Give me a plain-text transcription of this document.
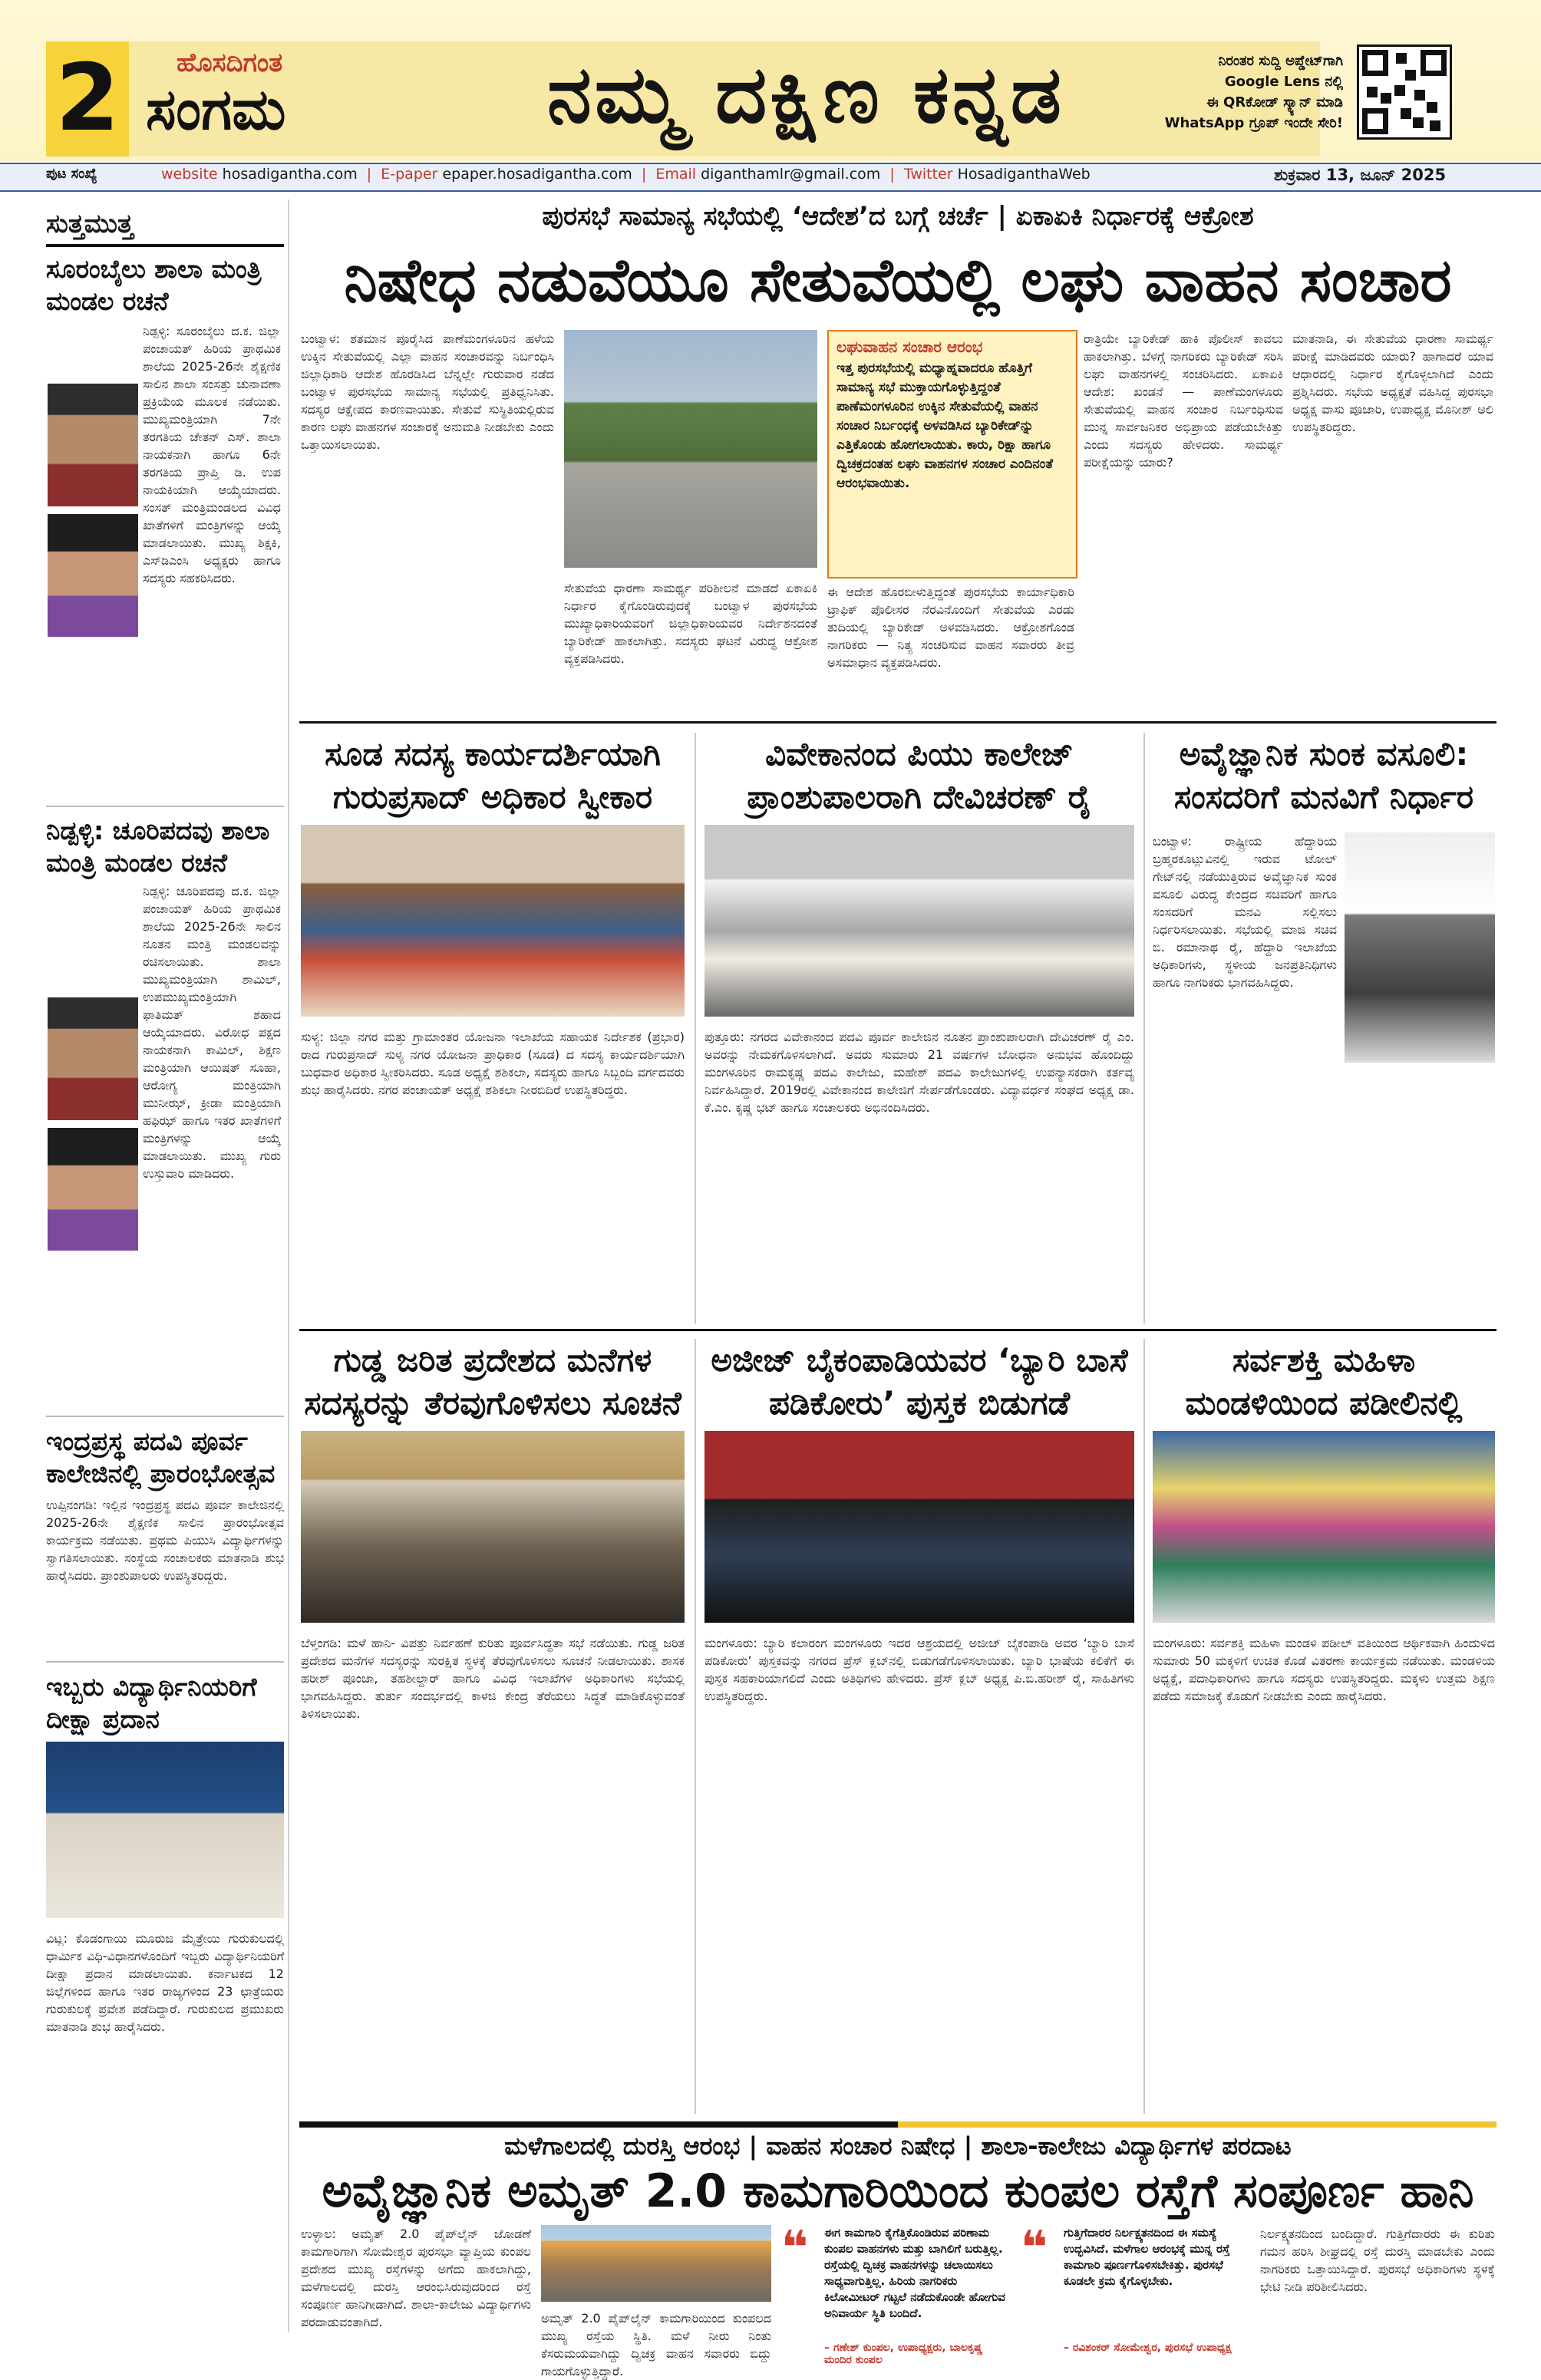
2	ಹೊಸದಿಗಂತ
ಸಂಗಮ	ನಮ್ಮ ದಕ್ಷಿಣ ಕನ್ನಡ	ನಿರಂತರ ಸುದ್ದಿ ಅಪ್ಡೇಟ್‌ಗಾಗಿ
Google Lens ನಲ್ಲಿ
ಈ QRಕೋಡ್ ಸ್ಕ್ಯಾನ್ ಮಾಡಿ
WhatsApp ಗ್ರೂಪ್ ಇಂದೇ ಸೇರಿ!
ಪುಟ ಸಂಖ್ಯೆ	website hosadigantha.com  |  E-paper epaper.hosadigantha.com  |  Email diganthamlr@gmail.com  |  Twitter HosadiganthaWeb	ಶುಕ್ರವಾರ 13, ಜೂನ್ 2025
ಸುತ್ತಮುತ್ತ
ಸೂರಂಬೈಲು ಶಾಲಾ ಮಂತ್ರಿ ಮಂಡಲ ರಚನೆ
ನಿಡ್ಪಳ್ಳಿ: ಸೂರಂಬೈಲು ದ.ಕ. ಜಿಲ್ಲಾ ಪಂಚಾಯತ್ ಹಿರಿಯ ಪ್ರಾಥಮಿಕ ಶಾಲೆಯ 2025-26ನೇ ಶೈಕ್ಷಣಿಕ ಸಾಲಿನ ಶಾಲಾ ಸಂಸತ್ತು ಚುನಾವಣಾ ಪ್ರಕ್ರಿಯೆಯ ಮೂಲಕ ನಡೆಯಿತು. ಮುಖ್ಯಮಂತ್ರಿಯಾಗಿ 7ನೇ ತರಗತಿಯ ಚೇತನ್ ಎಸ್. ಶಾಲಾ ನಾಯಕನಾಗಿ ಹಾಗೂ 6ನೇ ತರಗತಿಯ ಪ್ರಾಪ್ತಿ ಡಿ. ಉಪ ನಾಯಕಿಯಾಗಿ ಆಯ್ಕೆಯಾದರು. ಸಂಸತ್ ಮಂತ್ರಿಮಂಡಲದ ವಿವಿಧ ಖಾತೆಗಳಿಗೆ ಮಂತ್ರಿಗಳನ್ನು ಆಯ್ಕೆ ಮಾಡಲಾಯಿತು. ಮುಖ್ಯ ಶಿಕ್ಷಕಿ, ಎಸ್‌ಡಿಎಂಸಿ ಅಧ್ಯಕ್ಷರು ಹಾಗೂ ಸದಸ್ಯರು ಸಹಕರಿಸಿದರು.
ನಿಡ್ಪಳ್ಳಿ: ಚೂರಿಪದವು ಶಾಲಾ ಮಂತ್ರಿ ಮಂಡಲ ರಚನೆ
ನಿಡ್ಪಳ್ಳಿ: ಚೂರಿಪದವು ದ.ಕ. ಜಿಲ್ಲಾ ಪಂಚಾಯತ್ ಹಿರಿಯ ಪ್ರಾಥಮಿಕ ಶಾಲೆಯ 2025-26ನೇ ಸಾಲಿನ ನೂತನ ಮಂತ್ರಿ ಮಂಡಲವನ್ನು ರಚಿಸಲಾಯಿತು. ಶಾಲಾ ಮುಖ್ಯಮಂತ್ರಿಯಾಗಿ ಶಾಮಿಲ್, ಉಪಮುಖ್ಯಮಂತ್ರಿಯಾಗಿ ಫಾತಿಮತ್ ಶಹಾದ ಆಯ್ಕೆಯಾದರು. ವಿರೋಧ ಪಕ್ಷದ ನಾಯಕನಾಗಿ ಕಾಮಿಲ್, ಶಿಕ್ಷಣ ಮಂತ್ರಿಯಾಗಿ ಆಯಿಷತ್ ಸೂಹಾ, ಆರೋಗ್ಯ ಮಂತ್ರಿಯಾಗಿ ಮುನೀಝ್, ಕ್ರೀಡಾ ಮಂತ್ರಿಯಾಗಿ ಹಫಿಝ್ ಹಾಗೂ ಇತರ ಖಾತೆಗಳಿಗೆ ಮಂತ್ರಿಗಳನ್ನು ಆಯ್ಕೆ ಮಾಡಲಾಯಿತು. ಮುಖ್ಯ ಗುರು ಉಸ್ತುವಾರಿ ಮಾಡಿದರು.
ಇಂದ್ರಪ್ರಸ್ಥ ಪದವಿ ಪೂರ್ವ ಕಾಲೇಜಿನಲ್ಲಿ ಪ್ರಾರಂಭೋತ್ಸವ
ಉಪ್ಪಿನಂಗಡಿ: ಇಲ್ಲಿನ ಇಂದ್ರಪ್ರಸ್ಥ ಪದವಿ ಪೂರ್ವ ಕಾಲೇಜಿನಲ್ಲಿ 2025-26ನೇ ಶೈಕ್ಷಣಿಕ ಸಾಲಿನ ಪ್ರಾರಂಭೋತ್ಸವ ಕಾರ್ಯಕ್ರಮ ನಡೆಯಿತು. ಪ್ರಥಮ ಪಿಯುಸಿ ವಿದ್ಯಾರ್ಥಿಗಳನ್ನು ಸ್ವಾಗತಿಸಲಾಯಿತು. ಸಂಸ್ಥೆಯ ಸಂಚಾಲಕರು ಮಾತನಾಡಿ ಶುಭ ಹಾರೈಸಿದರು. ಪ್ರಾಂಶುಪಾಲರು ಉಪಸ್ಥಿತರಿದ್ದರು.
ಇಬ್ಬರು ವಿದ್ಯಾರ್ಥಿನಿಯರಿಗೆ ದೀಕ್ಷಾ ಪ್ರದಾನ
ವಿಟ್ಲ: ಕೊಡಂಗಾಯಿ ಮೂರುಜಿ ಮೈತ್ರೇಯಿ ಗುರುಕುಲದಲ್ಲಿ ಧಾರ್ಮಿಕ ವಿಧಿ-ವಿಧಾನಗಳೊಂದಿಗೆ ಇಬ್ಬರು ವಿದ್ಯಾರ್ಥಿನಿಯರಿಗೆ ದೀಕ್ಷಾ ಪ್ರದಾನ ಮಾಡಲಾಯಿತು. ಕರ್ನಾಟಕದ 12 ಜಿಲ್ಲೆಗಳಿಂದ ಹಾಗೂ ಇತರ ರಾಜ್ಯಗಳಿಂದ 23 ಛಾತ್ರೆಯರು ಗುರುಕುಲಕ್ಕೆ ಪ್ರವೇಶ ಪಡೆದಿದ್ದಾರೆ. ಗುರುಕುಲದ ಪ್ರಮುಖರು ಮಾತನಾಡಿ ಶುಭ ಹಾರೈಸಿದರು.
ಪುರಸಭೆ ಸಾಮಾನ್ಯ ಸಭೆಯಲ್ಲಿ ‘ಆದೇಶ’ದ ಬಗ್ಗೆ ಚರ್ಚೆ | ಏಕಾಏಕಿ ನಿರ್ಧಾರಕ್ಕೆ ಆಕ್ರೋಶ
ನಿಷೇಧ ನಡುವೆಯೂ ಸೇತುವೆಯಲ್ಲಿ ಲಘು ವಾಹನ ಸಂಚಾರ
ಬಂಟ್ವಾಳ: ಶತಮಾನ ಪೂರೈಸಿದ ಪಾಣೆಮಂಗಳೂರಿನ ಹಳೆಯ ಉಕ್ಕಿನ ಸೇತುವೆಯಲ್ಲಿ ಎಲ್ಲಾ ವಾಹನ ಸಂಚಾರವನ್ನು ನಿರ್ಬಂಧಿಸಿ ಜಿಲ್ಲಾಧಿಕಾರಿ ಆದೇಶ ಹೊರಡಿಸಿದ ಬೆನ್ನಲ್ಲೇ ಗುರುವಾರ ನಡೆದ ಬಂಟ್ವಾಳ ಪುರಸಭೆಯ ಸಾಮಾನ್ಯ ಸಭೆಯಲ್ಲಿ ಪ್ರತಿಧ್ವನಿಸಿತು. ಸದಸ್ಯರ ಆಕ್ಷೇಪದ ಕಾರಣವಾಯಿತು. ಸೇತುವೆ ಸುಸ್ಥಿತಿಯಲ್ಲಿರುವ ಕಾರಣ ಲಘು ವಾಹನಗಳ ಸಂಚಾರಕ್ಕೆ ಅನುಮತಿ ನೀಡಬೇಕು ಎಂದು ಒತ್ತಾಯಿಸಲಾಯಿತು.
ಸೇತುವೆಯ ಧಾರಣಾ ಸಾಮರ್ಥ್ಯ ಪರಿಶೀಲನೆ ಮಾಡದೆ ಏಕಾಏಕಿ ನಿರ್ಧಾರ ಕೈಗೊಂಡಿರುವುದಕ್ಕೆ ಬಂಟ್ವಾಳ ಪುರಸಭೆಯ ಮುಖ್ಯಾಧಿಕಾರಿಯವರಿಗೆ ಜಿಲ್ಲಾಧಿಕಾರಿಯವರ ನಿರ್ದೇಶನದಂತೆ ಬ್ಯಾರಿಕೇಡ್ ಹಾಕಲಾಗಿತ್ತು. ಸದಸ್ಯರು ಘಟನೆ ವಿರುದ್ಧ ಆಕ್ರೋಶ ವ್ಯಕ್ತಪಡಿಸಿದರು.
ಲಘುವಾಹನ ಸಂಚಾರ ಆರಂಭ
ಇತ್ತ ಪುರಸಭೆಯಲ್ಲಿ ಮಧ್ಯಾಹ್ನವಾದರೂ ಹೊತ್ತಿಗೆ ಸಾಮಾನ್ಯ ಸಭೆ ಮುಕ್ತಾಯಗೊಳ್ಳುತ್ತಿದ್ದಂತೆ ಪಾಣೆಮಂಗಳೂರಿನ ಉಕ್ಕಿನ ಸೇತುವೆಯಲ್ಲಿ ವಾಹನ ಸಂಚಾರ ನಿರ್ಬಂಧಕ್ಕೆ ಅಳವಡಿಸಿದ ಬ್ಯಾರಿಕೇಡ್‌ನ್ನು ಎತ್ತಿಕೊಂಡು ಹೋಗಲಾಯಿತು. ಕಾರು, ರಿಕ್ಷಾ ಹಾಗೂ ದ್ವಿಚಕ್ರದಂತಹ ಲಘು ವಾಹನಗಳ ಸಂಚಾರ ಎಂದಿನಂತೆ ಆರಂಭವಾಯಿತು.
ಈ ಆದೇಶ ಹೊರಬೀಳುತ್ತಿದ್ದಂತೆ ಪುರಸಭೆಯ ಕಾರ್ಯಾಧಿಕಾರಿ ಟ್ರಾಫಿಕ್ ಪೊಲೀಸರ ನೆರವಿನೊಂದಿಗೆ ಸೇತುವೆಯ ಎರಡು ತುದಿಯಲ್ಲಿ ಬ್ಯಾರಿಕೇಡ್ ಅಳವಡಿಸಿದರು. ಆಕ್ರೋಶಗೊಂಡ ನಾಗರಿಕರು — ನಿತ್ಯ ಸಂಚರಿಸುವ ವಾಹನ ಸವಾರರು ತೀವ್ರ ಅಸಮಾಧಾನ ವ್ಯಕ್ತಪಡಿಸಿದರು.
ರಾತ್ರಿಯೇ ಬ್ಯಾರಿಕೇಡ್ ಹಾಕಿ ಪೊಲೀಸ್ ಕಾವಲು ಹಾಕಲಾಗಿತ್ತು. ಬೆಳಗ್ಗೆ ನಾಗರಿಕರು ಬ್ಯಾರಿಕೇಡ್ ಸರಿಸಿ ಲಘು ವಾಹನಗಳಲ್ಲಿ ಸಂಚರಿಸಿದರು. ಏಕಾಏಕಿ ಆದೇಶ: ಖಂಡನೆ — ಪಾಣೆಮಂಗಳೂರು ಸೇತುವೆಯಲ್ಲಿ ವಾಹನ ಸಂಚಾರ ನಿರ್ಬಂಧಿಸುವ ಮುನ್ನ ಸಾರ್ವಜನಿಕರ ಅಭಿಪ್ರಾಯ ಪಡೆಯಬೇಕಿತ್ತು ಎಂದು ಸದಸ್ಯರು ಹೇಳಿದರು. ಸಾಮರ್ಥ್ಯ ಪರೀಕ್ಷೆಯನ್ನು ಯಾರು?
ಮಾತನಾಡಿ, ಈ ಸೇತುವೆಯ ಧಾರಣಾ ಸಾಮರ್ಥ್ಯ ಪರೀಕ್ಷೆ ಮಾಡಿದವರು ಯಾರು? ಹಾಗಾದರೆ ಯಾವ ಆಧಾರದಲ್ಲಿ ನಿರ್ಧಾರ ಕೈಗೊಳ್ಳಲಾಗಿದೆ ಎಂದು ಪ್ರಶ್ನಿಸಿದರು. ಸಭೆಯ ಅಧ್ಯಕ್ಷತೆ ವಹಿಸಿದ್ದ ಪುರಸಭಾ ಅಧ್ಯಕ್ಷ ವಾಸು ಪೂಜಾರಿ, ಉಪಾಧ್ಯಕ್ಷ ಮೊನೀಶ್ ಅಲಿ ಉಪಸ್ಥಿತರಿದ್ದರು.
ಸೂಡ ಸದಸ್ಯ ಕಾರ್ಯದರ್ಶಿಯಾಗಿ ಗುರುಪ್ರಸಾದ್ ಅಧಿಕಾರ ಸ್ವೀಕಾರ
ಸುಳ್ಯ: ಜಿಲ್ಲಾ ನಗರ ಮತ್ತು ಗ್ರಾಮಾಂತರ ಯೋಜನಾ ಇಲಾಖೆಯ ಸಹಾಯಕ ನಿರ್ದೇಶಕ (ಪ್ರಭಾರ) ರಾದ ಗುರುಪ್ರಸಾದ್ ಸುಳ್ಯ ನಗರ ಯೋಜನಾ ಪ್ರಾಧಿಕಾರ (ಸೂಡ) ದ ಸದಸ್ಯ ಕಾರ್ಯದರ್ಶಿಯಾಗಿ ಬುಧವಾರ ಅಧಿಕಾರ ಸ್ವೀಕರಿಸಿದರು. ಸೂಡ ಅಧ್ಯಕ್ಷೆ ಶಶಿಕಲಾ, ಸದಸ್ಯರು ಹಾಗೂ ಸಿಬ್ಬಂದಿ ವರ್ಗದವರು ಶುಭ ಹಾರೈಸಿದರು. ನಗರ ಪಂಚಾಯತ್ ಅಧ್ಯಕ್ಷೆ ಶಶಿಕಲಾ ನೀರಬಿದಿರೆ ಉಪಸ್ಥಿತರಿದ್ದರು.
ವಿವೇಕಾನಂದ ಪಿಯು ಕಾಲೇಜ್ ಪ್ರಾಂಶುಪಾಲರಾಗಿ ದೇವಿಚರಣ್ ರೈ
ಪುತ್ತೂರು: ನಗರದ ವಿವೇಕಾನಂದ ಪದವಿ ಪೂರ್ವ ಕಾಲೇಜಿನ ನೂತನ ಪ್ರಾಂಶುಪಾಲರಾಗಿ ದೇವಿಚರಣ್ ರೈ ಎಂ. ಅವರನ್ನು ನೇಮಕಗೊಳಿಸಲಾಗಿದೆ. ಅವರು ಸುಮಾರು 21 ವರ್ಷಗಳ ಬೋಧನಾ ಅನುಭವ ಹೊಂದಿದ್ದು ಮಂಗಳೂರಿನ ರಾಮಕೃಷ್ಣ ಪದವಿ ಕಾಲೇಜು, ಮಹೇಶ್ ಪದವಿ ಕಾಲೇಜುಗಳಲ್ಲಿ ಉಪನ್ಯಾಸಕರಾಗಿ ಕರ್ತವ್ಯ ನಿರ್ವಹಿಸಿದ್ದಾರೆ. 2019ರಲ್ಲಿ ವಿವೇಕಾನಂದ ಕಾಲೇಜಿಗೆ ಸೇರ್ಪಡೆಗೊಂಡರು. ವಿದ್ಯಾವರ್ಧಕ ಸಂಘದ ಅಧ್ಯಕ್ಷ ಡಾ. ಕೆ.ಎಂ. ಕೃಷ್ಣ ಭಟ್ ಹಾಗೂ ಸಂಚಾಲಕರು ಅಭಿನಂದಿಸಿದರು.
ಅವೈಜ್ಞಾನಿಕ ಸುಂಕ ವಸೂಲಿ: ಸಂಸದರಿಗೆ ಮನವಿಗೆ ನಿರ್ಧಾರ
ಬಂಟ್ವಾಳ: ರಾಷ್ಟ್ರೀಯ ಹೆದ್ದಾರಿಯ ಬ್ರಹ್ಮರಕೂಟ್ಲುವಿನಲ್ಲಿ ಇರುವ ಟೋಲ್ ಗೇಟ್‌ನಲ್ಲಿ ನಡೆಯುತ್ತಿರುವ ಅವೈಜ್ಞಾನಿಕ ಸುಂಕ ವಸೂಲಿ ವಿರುದ್ಧ ಕೇಂದ್ರದ ಸಚಿವರಿಗೆ ಹಾಗೂ ಸಂಸದರಿಗೆ ಮನವಿ ಸಲ್ಲಿಸಲು ನಿರ್ಧರಿಸಲಾಯಿತು. ಸಭೆಯಲ್ಲಿ ಮಾಜಿ ಸಚಿವ ಬಿ. ರಮಾನಾಥ ರೈ, ಹೆದ್ದಾರಿ ಇಲಾಖೆಯ ಅಧಿಕಾರಿಗಳು, ಸ್ಥಳೀಯ ಜನಪ್ರತಿನಿಧಿಗಳು ಹಾಗೂ ನಾಗರಿಕರು ಭಾಗವಹಿಸಿದ್ದರು.
ಗುಡ್ಡ ಜರಿತ ಪ್ರದೇಶದ ಮನೆಗಳ ಸದಸ್ಯರನ್ನು ತೆರವುಗೊಳಿಸಲು ಸೂಚನೆ
ಬೆಳ್ತಂಗಡಿ: ಮಳೆ ಹಾನಿ- ವಿಪತ್ತು ನಿರ್ವಹಣೆ ಕುರಿತು ಪೂರ್ವಸಿದ್ಧತಾ ಸಭೆ ನಡೆಯಿತು. ಗುಡ್ಡ ಜರಿತ ಪ್ರದೇಶದ ಮನೆಗಳ ಸದಸ್ಯರನ್ನು ಸುರಕ್ಷಿತ ಸ್ಥಳಕ್ಕೆ ತೆರವುಗೊಳಿಸಲು ಸೂಚನೆ ನೀಡಲಾಯಿತು. ಶಾಸಕ ಹರೀಶ್ ಪೂಂಜಾ, ತಹಶೀಲ್ದಾರ್ ಹಾಗೂ ವಿವಿಧ ಇಲಾಖೆಗಳ ಅಧಿಕಾರಿಗಳು ಸಭೆಯಲ್ಲಿ ಭಾಗವಹಿಸಿದ್ದರು. ತುರ್ತು ಸಂದರ್ಭದಲ್ಲಿ ಕಾಳಜಿ ಕೇಂದ್ರ ತೆರೆಯಲು ಸಿದ್ಧತೆ ಮಾಡಿಕೊಳ್ಳುವಂತೆ ತಿಳಿಸಲಾಯಿತು.
ಅಜೀಜ್ ಬೈಕಂಪಾಡಿಯವರ ‘ಬ್ಯಾರಿ ಬಾಸೆ ಪಡಿಕೋರು’ ಪುಸ್ತಕ ಬಿಡುಗಡೆ
ಮಂಗಳೂರು: ಬ್ಯಾರಿ ಕಲಾರಂಗ ಮಂಗಳೂರು ಇದರ ಆಶ್ರಯದಲ್ಲಿ ಅಜೀಜ್ ಬೈಕಂಪಾಡಿ ಅವರ ‘ಬ್ಯಾರಿ ಬಾಸೆ ಪಡಿಕೋರು’ ಪುಸ್ತಕವನ್ನು ನಗರದ ಪ್ರೆಸ್ ಕ್ಲಬ್‌ನಲ್ಲಿ ಬಿಡುಗಡೆಗೊಳಿಸಲಾಯಿತು. ಬ್ಯಾರಿ ಭಾಷೆಯ ಕಲಿಕೆಗೆ ಈ ಪುಸ್ತಕ ಸಹಕಾರಿಯಾಗಲಿದೆ ಎಂದು ಅತಿಥಿಗಳು ಹೇಳಿದರು. ಪ್ರೆಸ್ ಕ್ಲಬ್ ಅಧ್ಯಕ್ಷ ಪಿ.ಬಿ.ಹರೀಶ್ ರೈ, ಸಾಹಿತಿಗಳು ಉಪಸ್ಥಿತರಿದ್ದರು.
ಸರ್ವಶಕ್ತಿ ಮಹಿಳಾ ಮಂಡಳಿಯಿಂದ ಪಡೀಲಿನಲ್ಲಿ
ಮಂಗಳೂರು: ಸರ್ವಶಕ್ತಿ ಮಹಿಳಾ ಮಂಡಳಿ ಪಡೀಲ್ ವತಿಯಿಂದ ಆರ್ಥಿಕವಾಗಿ ಹಿಂದುಳಿದ ಸುಮಾರು 50 ಮಕ್ಕಳಿಗೆ ಉಚಿತ ಕೊಡೆ ವಿತರಣಾ ಕಾರ್ಯಕ್ರಮ ನಡೆಯಿತು. ಮಂಡಳಿಯ ಅಧ್ಯಕ್ಷೆ, ಪದಾಧಿಕಾರಿಗಳು ಹಾಗೂ ಸದಸ್ಯರು ಉಪಸ್ಥಿತರಿದ್ದರು. ಮಕ್ಕಳು ಉತ್ತಮ ಶಿಕ್ಷಣ ಪಡೆದು ಸಮಾಜಕ್ಕೆ ಕೊಡುಗೆ ನೀಡಬೇಕು ಎಂದು ಹಾರೈಸಿದರು.
ಮಳೆಗಾಲದಲ್ಲಿ ದುರಸ್ತಿ ಆರಂಭ | ವಾಹನ ಸಂಚಾರ ನಿಷೇಧ | ಶಾಲಾ-ಕಾಲೇಜು ವಿದ್ಯಾರ್ಥಿಗಳ ಪರದಾಟ
ಅವೈಜ್ಞಾನಿಕ ಅಮೃತ್ 2.0 ಕಾಮಗಾರಿಯಿಂದ ಕುಂಪಲ ರಸ್ತೆಗೆ ಸಂಪೂರ್ಣ ಹಾನಿ
ಉಳ್ಳಾಲ: ಅಮೃತ್ 2.0 ಪೈಪ್‌ಲೈನ್ ಜೋಡಣೆ ಕಾಮಗಾರಿಗಾಗಿ ಸೋಮೇಶ್ವರ ಪುರಸಭಾ ವ್ಯಾಪ್ತಿಯ ಕುಂಪಲ ಪ್ರದೇಶದ ಮುಖ್ಯ ರಸ್ತೆಗಳನ್ನು ಅಗೆದು ಹಾಕಲಾಗಿದ್ದು, ಮಳೆಗಾಲದಲ್ಲಿ ದುರಸ್ತಿ ಆರಂಭಿಸಿರುವುದರಿಂದ ರಸ್ತೆ ಸಂಪೂರ್ಣ ಹಾನಿಗೀಡಾಗಿದೆ. ಶಾಲಾ-ಕಾಲೇಜು ವಿದ್ಯಾರ್ಥಿಗಳು ಪರದಾಡುವಂತಾಗಿದೆ.	ಅಮೃತ್ 2.0 ಪೈಪ್‌ಲೈನ್ ಕಾಮಗಾರಿಯಿಂದ ಕುಂಪಲದ ಮುಖ್ಯ ರಸ್ತೆಯ ಸ್ಥಿತಿ. ಮಳೆ ನೀರು ನಿಂತು ಕೆಸರುಮಯವಾಗಿದ್ದು ದ್ವಿಚಕ್ರ ವಾಹನ ಸವಾರರು ಬಿದ್ದು ಗಾಯಗೊಳ್ಳುತ್ತಿದ್ದಾರೆ.
❝	ಈಗ ಕಾಮಗಾರಿ ಕೈಗೆತ್ತಿಕೊಂಡಿರುವ ಪರಿಣಾಮ ಕುಂಪಲ ವಾಹನಗಳು ಮತ್ತು ಬಾಗಿಲಿಗೆ ಬರುತ್ತಿಲ್ಲ. ರಸ್ತೆಯಲ್ಲಿ ದ್ವಿಚಕ್ರ ವಾಹನಗಳನ್ನು ಚಲಾಯಿಸಲು ಸಾಧ್ಯವಾಗುತ್ತಿಲ್ಲ. ಹಿರಿಯ ನಾಗರಿಕರು ಕಿಲೋಮೀಟರ್ ಗಟ್ಟಲೆ ನಡೆದುಕೊಂಡೇ ಹೋಗುವ ಅನಿವಾರ್ಯ ಸ್ಥಿತಿ ಬಂದಿದೆ.
– ಗಣೇಶ್ ಕುಂಪಲ, ಉಪಾಧ್ಯಕ್ಷರು, ಬಾಲಕೃಷ್ಣ ಮಂದಿರ ಕುಂಪಲ
❝	ಗುತ್ತಿಗೆದಾರರ ನಿರ್ಲಕ್ಷ್ಯತನದಿಂದ ಈ ಸಮಸ್ಯೆ ಉದ್ಭವಿಸಿದೆ. ಮಳೆಗಾಲ ಆರಂಭಕ್ಕೆ ಮುನ್ನ ರಸ್ತೆ ಕಾಮಗಾರಿ ಪೂರ್ಣಗೊಳಿಸಬೇಕಿತ್ತು. ಪುರಸಭೆ ಕೂಡಲೇ ಕ್ರಮ ಕೈಗೊಳ್ಳಬೇಕು.
– ರವಿಶಂಕರ್ ಸೋಮೇಶ್ವರ, ಪುರಸಭೆ ಉಪಾಧ್ಯಕ್ಷ
ನಿರ್ಲಕ್ಷ್ಯತನದಿಂದ ಬಂದಿದ್ದಾರೆ. ಗುತ್ತಿಗೆದಾರರು ಈ ಕುರಿತು ಗಮನ ಹರಿಸಿ ಶೀಘ್ರದಲ್ಲಿ ರಸ್ತೆ ದುರಸ್ತಿ ಮಾಡಬೇಕು ಎಂದು ನಾಗರಿಕರು ಒತ್ತಾಯಿಸಿದ್ದಾರೆ. ಪುರಸಭೆ ಅಧಿಕಾರಿಗಳು ಸ್ಥಳಕ್ಕೆ ಭೇಟಿ ನೀಡಿ ಪರಿಶೀಲಿಸಿದರು.
